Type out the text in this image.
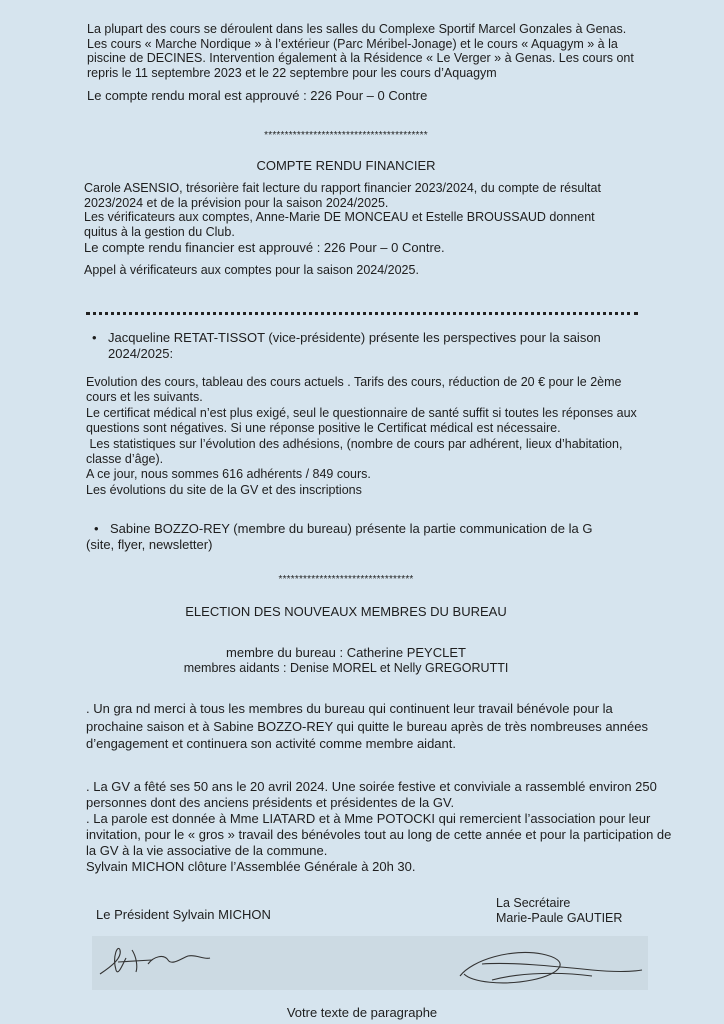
La plupart des cours se déroulent dans les salles du Complexe Sportif Marcel Gonzales à Genas.
Les cours « Marche Nordique » à l’extérieur (Parc Méribel-Jonage) et le cours « Aquagym » à la
piscine de DECINES. Intervention également à la Résidence « Le Verger » à Genas. Les cours ont
repris le 11 septembre 2023 et le 22 septembre pour les cours d’Aquagym
Le compte rendu moral est approuvé : 226 Pour – 0 Contre
****************************************
COMPTE RENDU FINANCIER
Carole ASENSIO, trésorière fait lecture du rapport financier 2023/2024, du compte de résultat
2023/2024 et de la prévision pour la saison 2024/2025.
Les vérificateurs aux comptes, Anne-Marie DE MONCEAU et Estelle BROUSSAUD donnent
quitus à la gestion du Club.
Le compte rendu financier est approuvé : 226 Pour – 0 Contre.
Appel à vérificateurs aux comptes pour la saison 2024/2025.
• Jacqueline RETAT-TISSOT (vice-présidente) présente les perspectives pour la saison
2024/2025:
Evolution des cours, tableau des cours actuels . Tarifs des cours, réduction de 20 € pour le 2ème
cours et les suivants.
Le certificat médical n’est plus exigé, seul le questionnaire de santé suffit si toutes les réponses aux
questions sont négatives. Si une réponse positive le Certificat médical est nécessaire.
Les statistiques sur l’évolution des adhésions, (nombre de cours par adhérent, lieux d’habitation,
classe d’âge).
A ce jour, nous sommes 616 adhérents / 849 cours.
Les évolutions du site de la GV et des inscriptions
• Sabine BOZZO-REY (membre du bureau) présente la partie communication de la G
(site, flyer, newsletter)
*********************************
ELECTION DES NOUVEAUX MEMBRES DU BUREAU
membre du bureau : Catherine PEYCLET
membres aidants : Denise MOREL et Nelly GREGORUTTI
. Un gra nd merci à tous les membres du bureau qui continuent leur travail bénévole pour la
prochaine saison et à Sabine BOZZO-REY qui quitte le bureau après de très nombreuses années
d’engagement et continuera son activité comme membre aidant.
. La GV a fêté ses 50 ans le 20 avril 2024. Une soirée festive et conviviale a rassemblé environ 250
personnes dont des anciens présidents et présidentes de la GV.
. La parole est donnée à Mme LIATARD et à Mme POTOCKI qui remercient l’association pour leur
invitation, pour le « gros » travail des bénévoles tout au long de cette année et pour la participation de
la GV à la vie associative de la commune.
Sylvain MICHON clôture l’Assemblée Générale à 20h 30.
Le Président Sylvain MICHON
La Secrétaire
Marie-Paule GAUTIER
Votre texte de paragraphe
